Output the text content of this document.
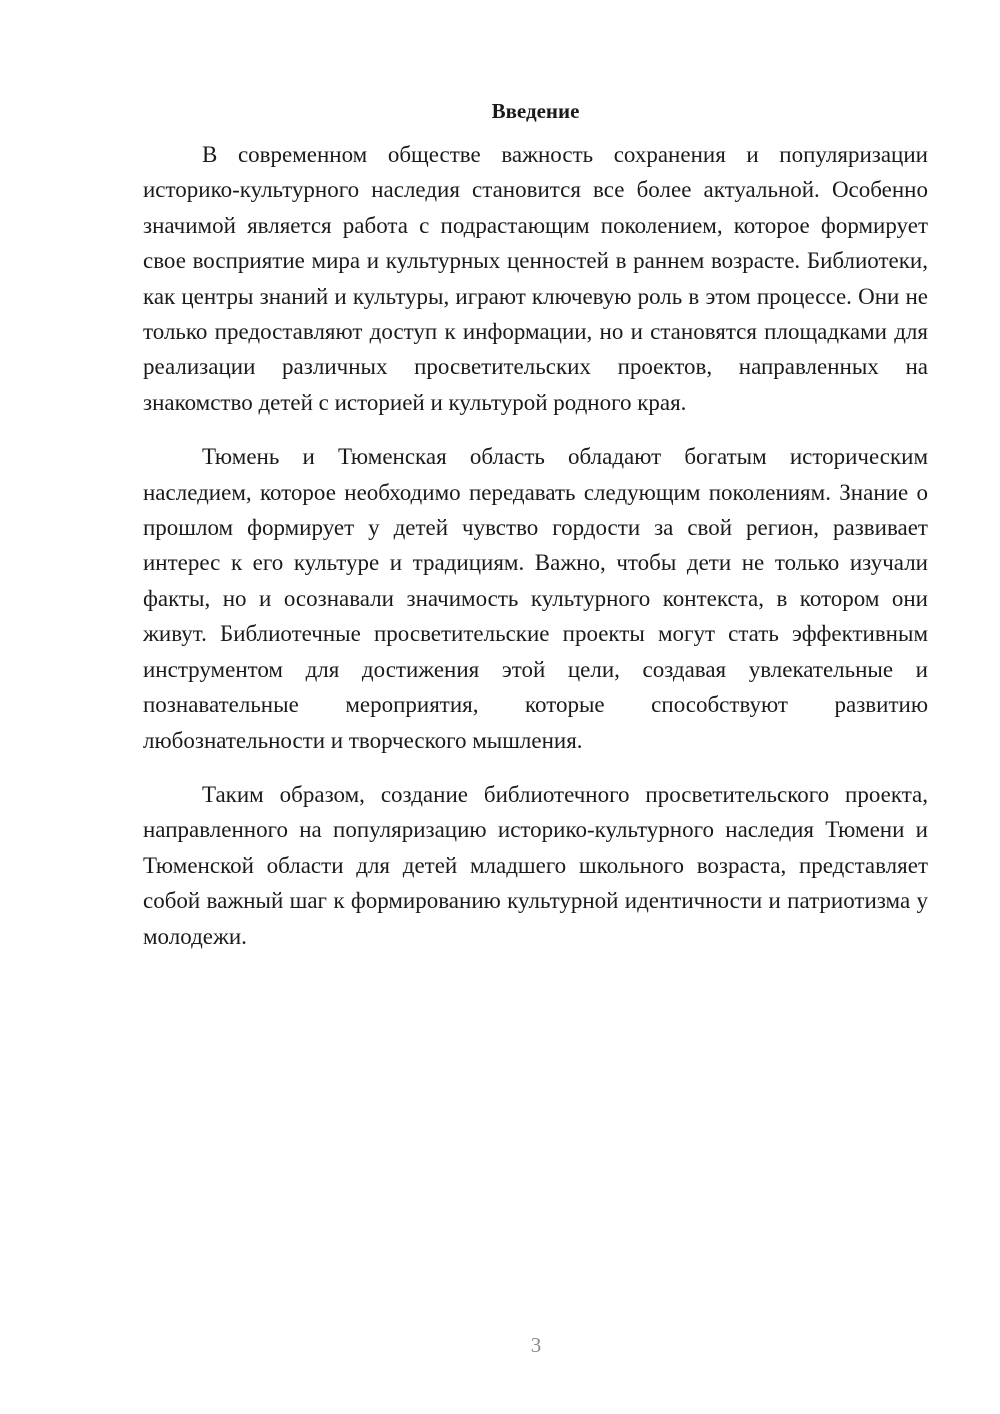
Введение

В современном обществе важность сохранения и популяризации историко-культурного наследия становится все более актуальной. Особенно значимой является работа с подрастающим поколением, которое формирует свое восприятие мира и культурных ценностей в раннем возрасте. Библиотеки, как центры знаний и культуры, играют ключевую роль в этом процессе. Они не только предоставляют доступ к информации, но и становятся площадками для реализации различных просветительских проектов, направленных на знакомство детей с историей и культурой родного края.

Тюмень и Тюменская область обладают богатым историческим наследием, которое необходимо передавать следующим поколениям. Знание о прошлом формирует у детей чувство гордости за свой регион, развивает интерес к его культуре и традициям. Важно, чтобы дети не только изучали факты, но и осознавали значимость культурного контекста, в котором они живут. Библиотечные просветительские проекты могут стать эффективным инструментом для достижения этой цели, создавая увлекательные и познавательные мероприятия, которые способствуют развитию любознательности и творческого мышления.

Таким образом, создание библиотечного просветительского проекта, направленного на популяризацию историко-культурного наследия Тюмени и Тюменской области для детей младшего школьного возраста, представляет собой важный шаг к формированию культурной идентичности и патриотизма у молодежи.

3
